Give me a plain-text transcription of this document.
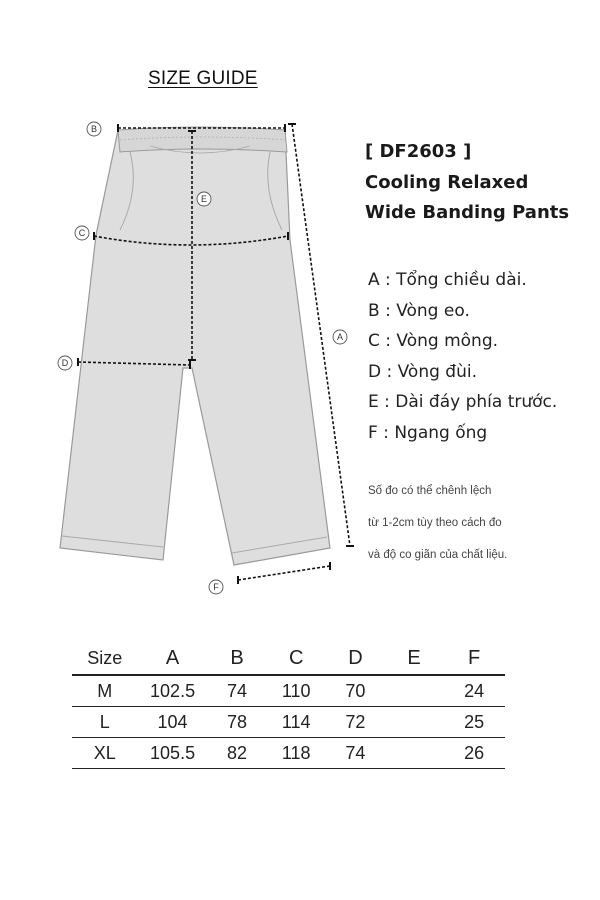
SIZE GUIDE
B
E
C
A
D
F
[ DF2603 ]
Cooling Relaxed
Wide Banding Pants
A : Tổng chiều dài.
B : Vòng eo.
C : Vòng mông.
D : Vòng đùi.
E : Dài đáy phía trước.
F : Ngang ống
Số đo có thể chênh lệch
từ 1-2cm tùy theo cách đo
và độ co giãn của chất liệu.
Size	A	B	C	D	E	F
M	102.5	74	110	70		24
L	104	78	114	72		25
XL	105.5	82	118	74		26
